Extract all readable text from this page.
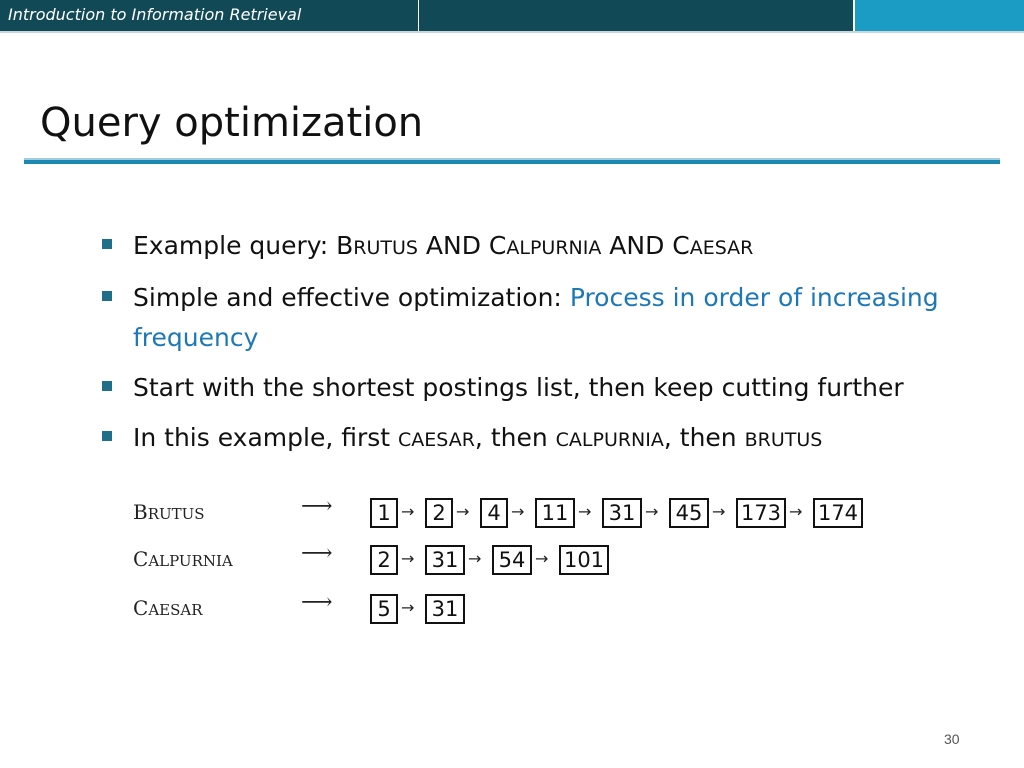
Introduction to Information Retrieval
Query optimization
Example query: BRUTUS AND CALPURNIA AND CAESAR
Simple and effective optimization: Process in order of increasing frequency
Start with the shortest postings list, then keep cutting further
In this example, first CAESAR, then CALPURNIA, then BRUTUS
BRUTUS	⟶	1 → 2 → 4 → 11 → 31 → 45 → 173 → 174
CALPURNIA	⟶	2 → 31 → 54 → 101
CAESAR	⟶	5 → 31
30
